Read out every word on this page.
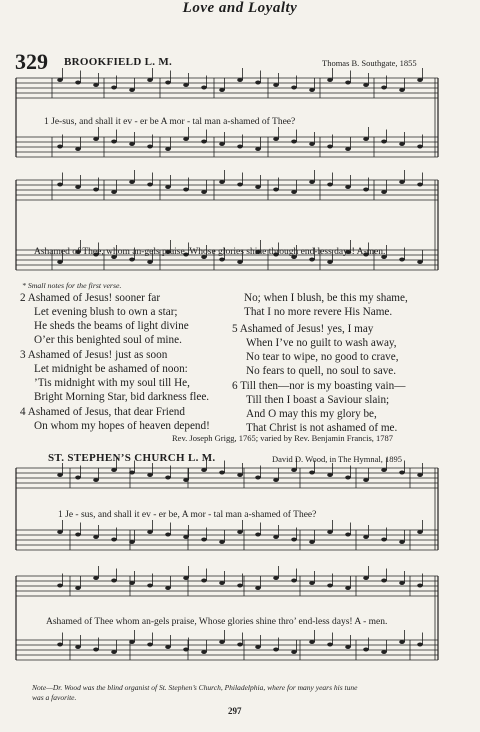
Love and Loyalty
329 BROOKFIELD L. M.	Thomas B. Southgate, 1855
1 Je-sus, and shall it ev - er be A mor - tal man a-shamed of Thee?
Ashamed of Thee, whom an-gels praise, Whose glories shine through end-less days! A-men.
* Small notes for the first verse.
2 Ashamed of Jesus! sooner far
Let evening blush to own a star;
He sheds the beams of light divine
O’er this benighted soul of mine.
3 Ashamed of Jesus! just as soon
Let midnight be ashamed of noon:
’Tis midnight with my soul till He,
Bright Morning Star, bid darkness flee.
4 Ashamed of Jesus, that dear Friend
On whom my hopes of heaven depend!
No; when I blush, be this my shame,
That I no more revere His Name.
5 Ashamed of Jesus! yes, I may
When I’ve no guilt to wash away,
No tear to wipe, no good to crave,
No fears to quell, no soul to save.
6 Till then—nor is my boasting vain—
Till then I boast a Saviour slain;
And O may this my glory be,
That Christ is not ashamed of me.
Rev. Joseph Grigg, 1765; varied by Rev. Benjamin Francis, 1787
ST. STEPHEN’S CHURCH L. M.	David D. Wood, in The Hymnal, 1895
1 Je - sus, and shall it ev - er be, A mor - tal man a-shamed of Thee?
Ashamed of Thee whom an-gels praise, Whose glories shine thro’ end-less days! A - men.
Note—Dr. Wood was the blind organist of St. Stephen’s Church, Philadelphia, where for many years his tune
was a favorite.
297
